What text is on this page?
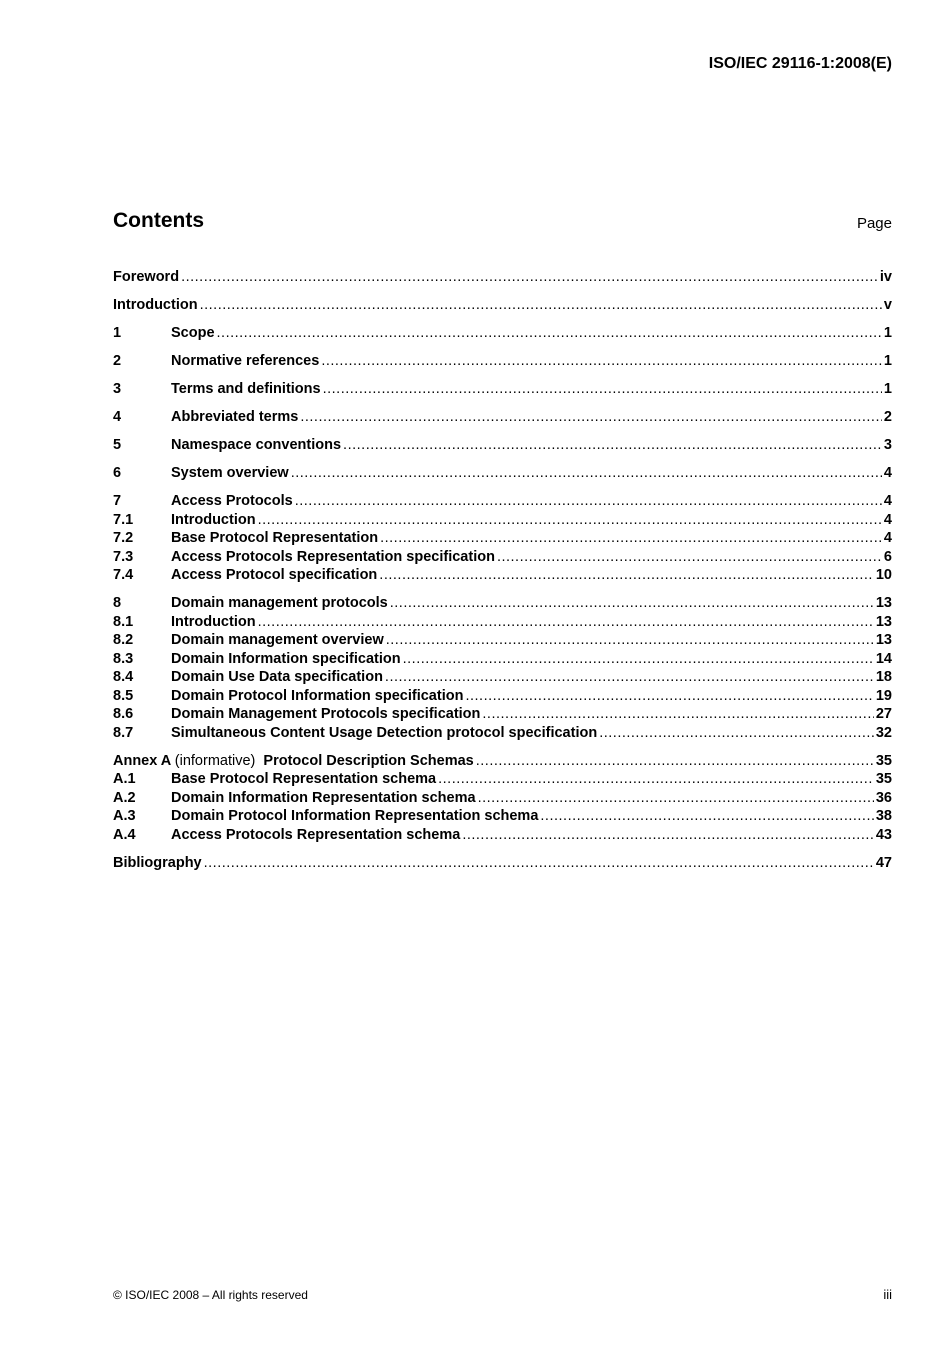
ISO/IEC 29116-1:2008(E)
Contents	Page
Foreword .....	iv
Introduction .....	v
1	Scope .....	1
2	Normative references .....	1
3	Terms and definitions .....	1
4	Abbreviated terms .....	2
5	Namespace conventions .....	3
6	System overview .....	4
7	Access Protocols .....	4
7.1	Introduction .....	4
7.2	Base Protocol Representation .....	4
7.3	Access Protocols Representation specification .....	6
7.4	Access Protocol specification .....	10
8	Domain management protocols .....	13
8.1	Introduction .....	13
8.2	Domain management overview .....	13
8.3	Domain Information specification .....	14
8.4	Domain Use Data specification .....	18
8.5	Domain Protocol Information specification .....	19
8.6	Domain Management Protocols specification .....	27
8.7	Simultaneous Content Usage Detection protocol specification .....	32
Annex A (informative) Protocol Description Schemas .....	35
A.1	Base Protocol Representation schema .....	35
A.2	Domain Information Representation schema .....	36
A.3	Domain Protocol Information Representation schema .....	38
A.4	Access Protocols Representation schema .....	43
Bibliography .....	47
© ISO/IEC 2008 – All rights reserved	iii
